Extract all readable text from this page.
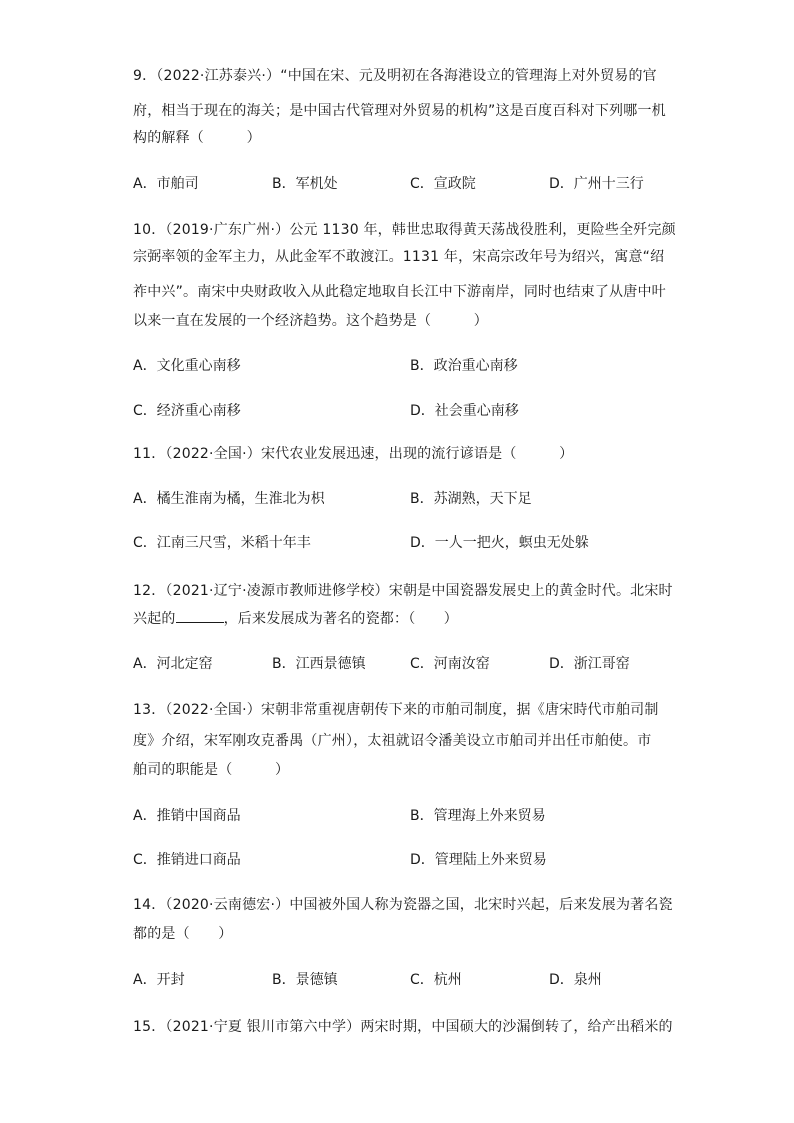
9．（2022·江苏泰兴·）“中国在宋、元及明初在各海港设立的管理海上对外贸易的官
府，相当于现在的海关；是中国古代管理对外贸易的机构”这是百度百科对下列哪一机
构的解释（　　　）
A．市舶司	B．军机处	C．宣政院	D．广州十三行
10．（2019·广东广州·）公元 1130 年，韩世忠取得黄天荡战役胜利，更险些全歼完颜
宗弼率领的金军主力，从此金军不敢渡江。1131 年，宋高宗改年号为绍兴，寓意“绍
祚中兴”。南宋中央财政收入从此稳定地取自长江中下游南岸，同时也结束了从唐中叶
以来一直在发展的一个经济趋势。这个趋势是（　　　）
A．文化重心南移	B．政治重心南移
C．经济重心南移	D．社会重心南移
11．（2022·全国·）宋代农业发展迅速，出现的流行谚语是（　　　）
A．橘生淮南为橘，生淮北为枳	B．苏湖熟，天下足
C．江南三尺雪，米稻十年丰	D．一人一把火，螟虫无处躲
12．（2021·辽宁·凌源市教师进修学校）宋朝是中国瓷器发展史上的黄金时代。北宋时
兴起的	，后来发展成为著名的瓷都：（　　）
A．河北定窑	B．江西景德镇	C．河南汝窑	D．浙江哥窑
13．（2022·全国·）宋朝非常重视唐朝传下来的市舶司制度，据《唐宋時代市舶司制
度》介绍，宋军刚攻克番禺（广州），太祖就诏令潘美设立市舶司并出任市舶使。市
舶司的职能是（　　　）
A．推销中国商品	B．管理海上外来贸易
C．推销进口商品	D．管理陆上外来贸易
14．（2020·云南德宏·）中国被外国人称为瓷器之国，北宋时兴起，后来发展为著名瓷
都的是（　　）
A．开封	B．景德镇	C．杭州	D．泉州
15．（2021·宁夏 银川市第六中学）两宋时期，中国硕大的沙漏倒转了，给产出稻米的
